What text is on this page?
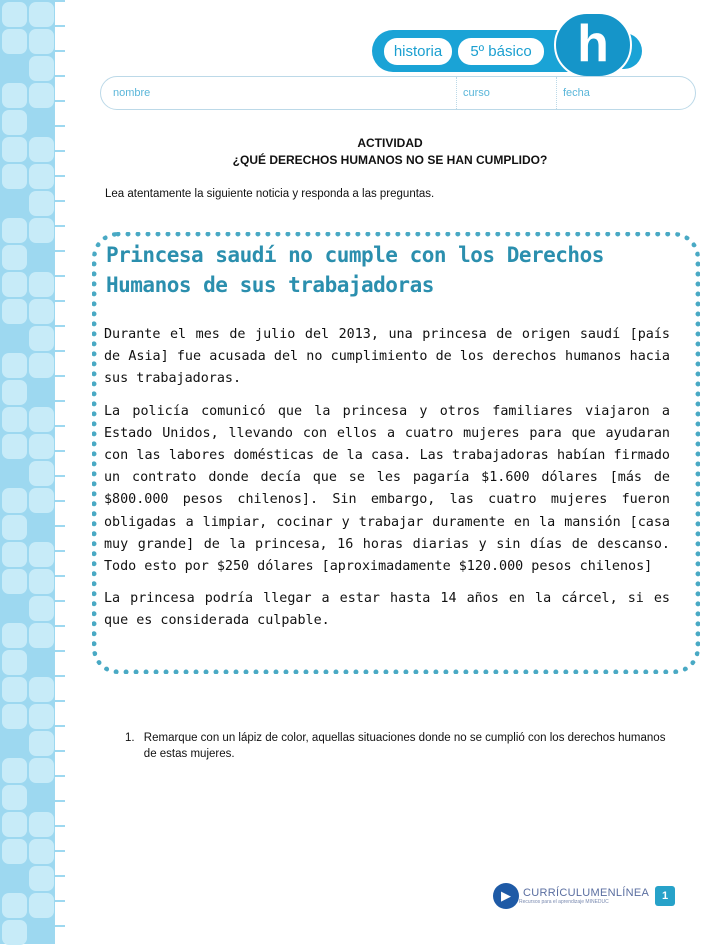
historia	5º básico h
nombre	curso	fecha
ACTIVIDAD
¿QUÉ DERECHOS HUMANOS NO SE HAN CUMPLIDO?
Lea atentamente la siguiente noticia y responda a las preguntas.
Princesa saudí no cumple con los Derechos Humanos de sus trabajadoras

Durante el mes de julio del 2013, una princesa de origen saudí [país de Asia] fue acusada del no cumplimiento de los derechos humanos hacia sus trabajadoras.

La policía comunicó que la princesa y otros familiares viajaron a Estado Unidos, llevando con ellos a cuatro mujeres para que ayudaran con las labores domésticas de la casa. Las trabajadoras habían firmado un contrato donde decía que se les pagaría $1.600 dólares [más de $800.000 pesos chilenos]. Sin embargo, las cuatro mujeres fueron obligadas a limpiar, cocinar y trabajar duramente en la mansión [casa muy grande] de la princesa, 16 horas diarias y sin días de descanso. Todo esto por $250 dólares [aproximadamente $120.000 pesos chilenos]

La princesa podría llegar a estar hasta 14 años en la cárcel, si es que es considerada culpable.

1. Remarque con un lápiz de color, aquellas situaciones donde no se cumplió con los derechos humanos de estas mujeres.
▶	CURRÍCULUMENLÍNEA
Recursos para el aprendizaje MINEDUC	1
